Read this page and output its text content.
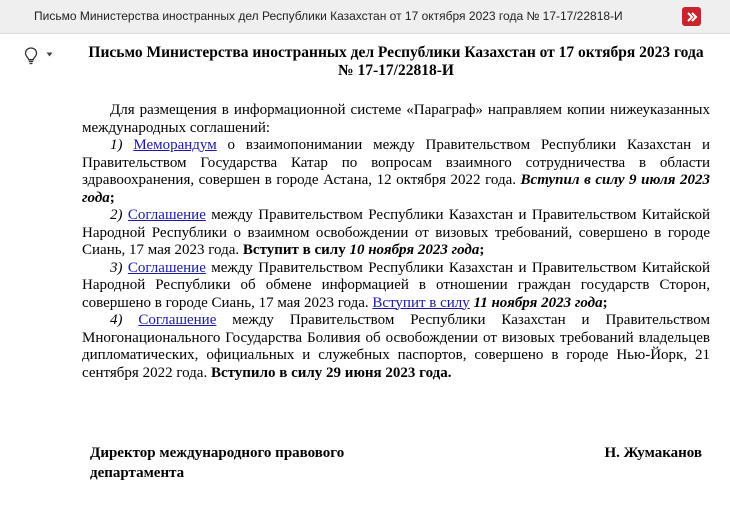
Письмо Министерства иностранных дел Республики Казахстан от 17 октября 2023 года № 17-17/22818-И
Письмо Министерства иностранных дел Республики Казахстан от 17 октября 2023 года № 17-17/22818-И

Для размещения в информационной системе «Параграф» направляем копии нижеуказанных международных соглашений:

1) Меморандум о взаимопонимании между Правительством Республики Казахстан и Правительством Государства Катар по вопросам взаимного сотрудничества в области здравоохранения, совершен в городе Астана, 12 октября 2022 года. Вступил в силу 9 июля 2023 года;

2) Соглашение между Правительством Республики Казахстан и Правительством Китайской Народной Республики о взаимном освобождении от визовых требований, совершено в городе Сиань, 17 мая 2023 года. Вступит в силу 10 ноября 2023 года;

3) Соглашение между Правительством Республики Казахстан и Правительством Китайской Народной Республики об обмене информацией в отношении граждан государств Сторон, совершено в городе Сиань, 17 мая 2023 года. Вступит в силу 11 ноября 2023 года;

4) Соглашение между Правительством Республики Казахстан и Правительством Многонационального Государства Боливия об освобождении от визовых требований владельцев дипломатических, официальных и служебных паспортов, совершено в городе Нью-Йорк, 21 сентября 2022 года. Вступило в силу 29 июня 2023 года.

Директор международного правового департамента
Н. Жумаканов
